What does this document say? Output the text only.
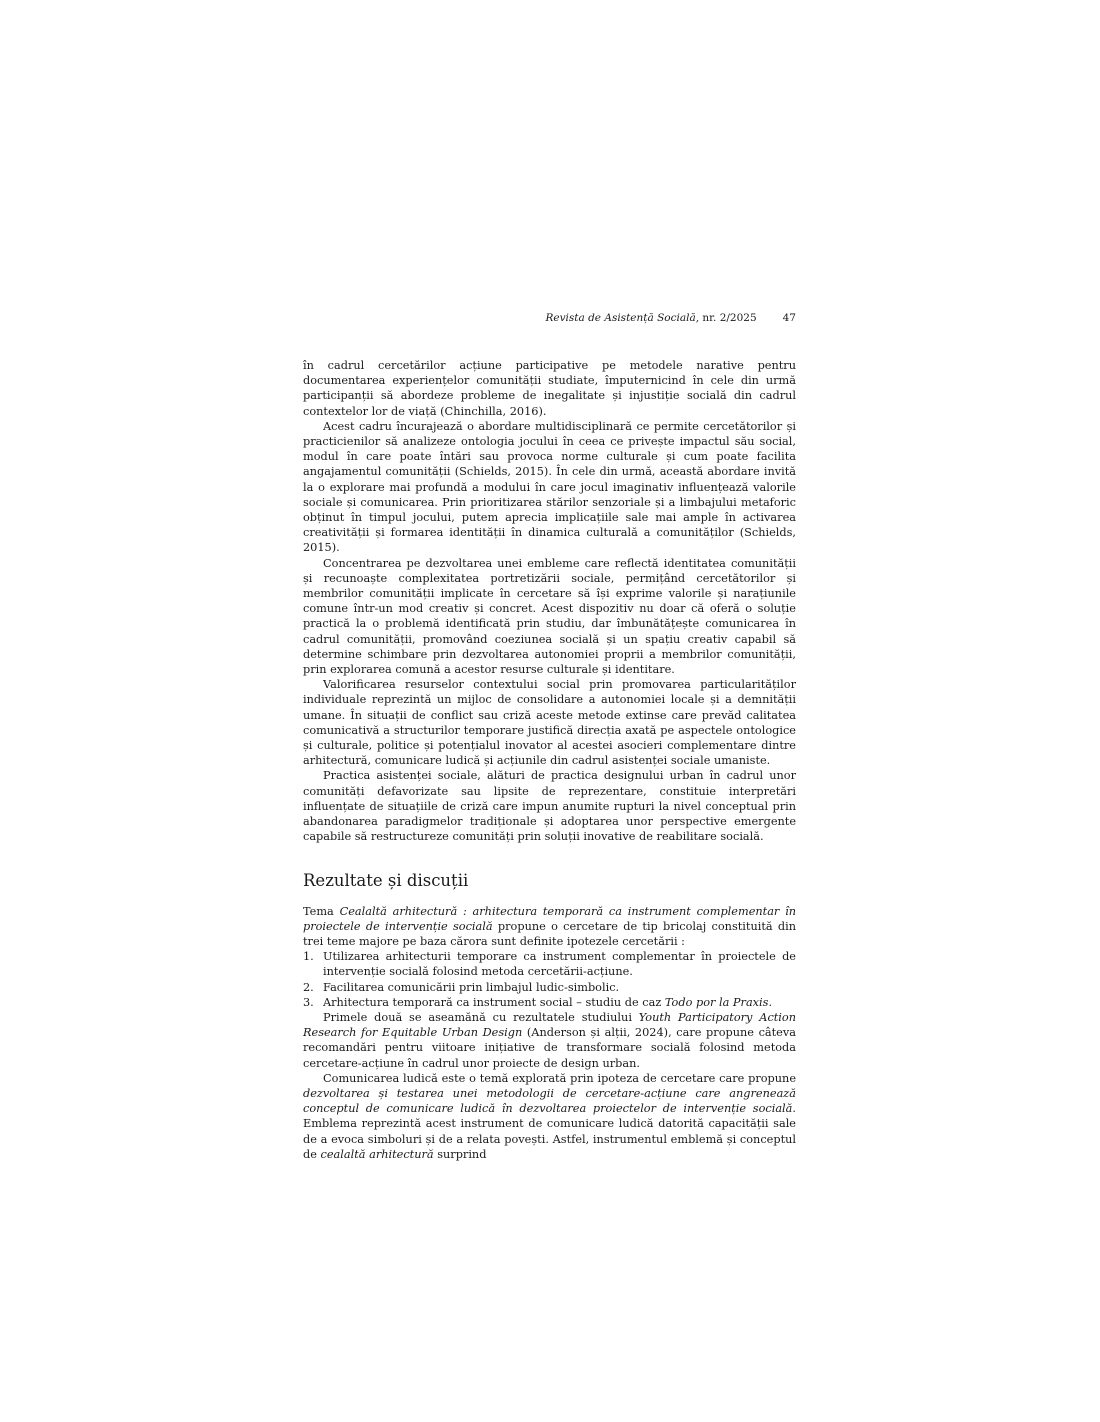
Revista de Asistență Socială, nr. 2/2025 47

în cadrul cercetărilor acțiune participative pe metodele narative pentru documentarea experiențelor comunității studiate, împuternicind în cele din urmă participanții să abordeze probleme de inegalitate și injustiție socială din cadrul contextelor lor de viață (Chinchilla, 2016).

Acest cadru încurajează o abordare multidisciplinară ce permite cercetătorilor și practicienilor să analizeze ontologia jocului în ceea ce privește impactul său social, modul în care poate întări sau provoca norme culturale și cum poate facilita angajamentul comunității (Schields, 2015). În cele din urmă, această abordare invită la o explorare mai profundă a modului în care jocul imaginativ influențează valorile sociale și comunicarea. Prin prioritizarea stărilor senzoriale și a limbajului metaforic obținut în timpul jocului, putem aprecia implicațiile sale mai ample în activarea creativității și formarea identității în dinamica culturală a comunităților (Schields, 2015).

Concentrarea pe dezvoltarea unei embleme care reflectă identitatea comunității și recunoaște complexitatea portretizării sociale, permițând cercetătorilor și membrilor comunității implicate în cercetare să își exprime valorile și narațiunile comune într-un mod creativ și concret. Acest dispozitiv nu doar că oferă o soluție practică la o problemă identificată prin studiu, dar îmbunătățește comunicarea în cadrul comunității, promovând coeziunea socială și un spațiu creativ capabil să determine schimbare prin dezvoltarea autonomiei proprii a membrilor comunității, prin explorarea comună a acestor resurse culturale și identitare.

Valorificarea resurselor contextului social prin promovarea particularităților individuale reprezintă un mijloc de consolidare a autonomiei locale și a demnității umane. În situații de conflict sau criză aceste metode extinse care prevăd calitatea comunicativă a structurilor temporare justifică direcția axată pe aspectele ontologice și culturale, politice și potențialul inovator al acestei asocieri complementare dintre arhitectură, comunicare ludică și acțiunile din cadrul asistenței sociale umaniste.

Practica asistenței sociale, alături de practica designului urban în cadrul unor comunități defavorizate sau lipsite de reprezentare, constituie interpretări influențate de situațiile de criză care impun anumite rupturi la nivel conceptual prin abandonarea paradigmelor tradiționale și adoptarea unor perspective emergente capabile să restructureze comunități prin soluții inovative de reabilitare socială.

Rezultate și discuții

Tema Cealaltă arhitectură : arhitectura temporară ca instrument complementar în proiectele de intervenție socială propune o cercetare de tip bricolaj constituită din trei teme majore pe baza cărora sunt definite ipotezele cercetării :

1. Utilizarea arhitecturii temporare ca instrument complementar în proiectele de intervenție socială folosind metoda cercetării-acțiune.
2. Facilitarea comunicării prin limbajul ludic-simbolic.
3. Arhitectura temporară ca instrument social – studiu de caz Todo por la Praxis.

Primele două se aseamănă cu rezultatele studiului Youth Participatory Action Research for Equitable Urban Design (Anderson și alții, 2024), care propune câteva recomandări pentru viitoare inițiative de transformare socială folosind metoda cercetare-acțiune în cadrul unor proiecte de design urban.

Comunicarea ludică este o temă explorată prin ipoteza de cercetare care propune dezvoltarea și testarea unei metodologii de cercetare-acțiune care angrenează conceptul de comunicare ludică în dezvoltarea proiectelor de intervenție socială. Emblema reprezintă acest instrument de comunicare ludică datorită capacității sale de a evoca simboluri și de a relata povești. Astfel, instrumentul emblemă și conceptul de cealaltă arhitectură surprind
